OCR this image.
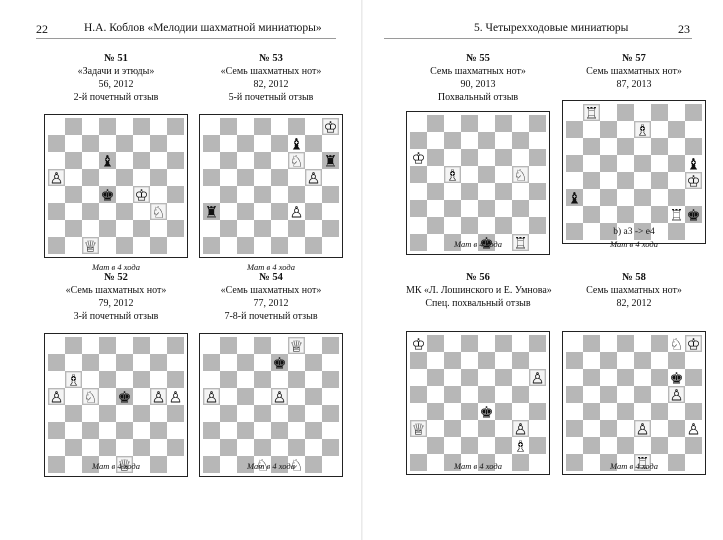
22	Н.А. Коблов «Мелодии шахматной миниатюры»	5. Четырехходовые миниатюры	23
№ 51
«Задачи и этюды»
56, 2012
2-й почетный отзыв
Мат в 4 хода
№ 53
«Семь шахматных нот»
82, 2012
5-й почетный отзыв
Мат в 4 хода
№ 52
«Семь шахматных нот»
79, 2012
3-й почетный отзыв
Мат в 4 хода
№ 54
«Семь шахматных нот»
77, 2012
7-8-й почетный отзыв
Мат в 4 хода
№ 55
Семь шахматных нот»
90, 2013
Похвальный отзыв
Мат в 4 хода
№ 57
Семь шахматных нот»
87, 2013
b) a3 -> e4
Мат в 4 хода
№ 56
МК «Л. Лошинского и Е. Умнова»
Спец. похвальный отзыв
Мат в 4 хода
№ 58
Семь шахматных нот»
82, 2012
Мат в 4 хода
